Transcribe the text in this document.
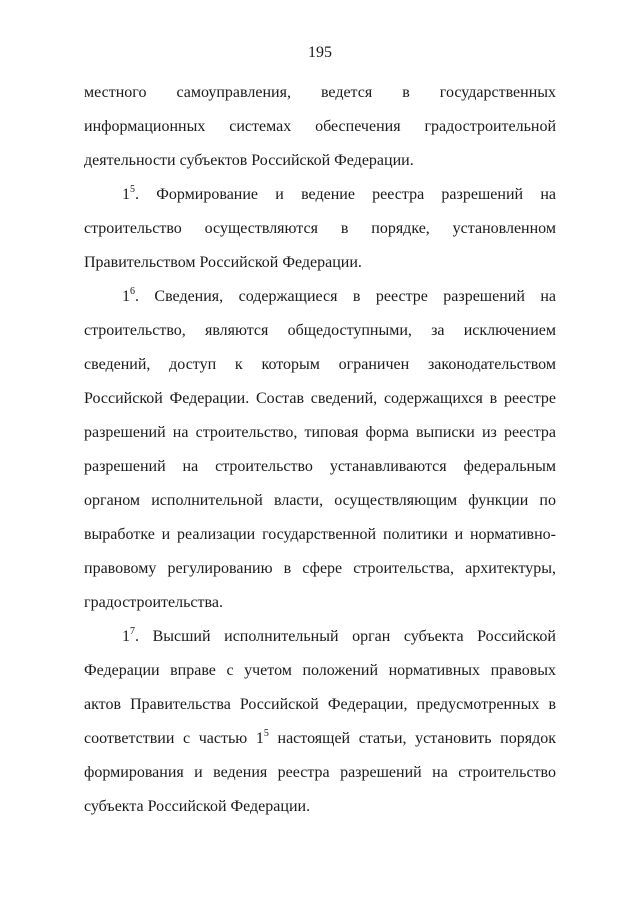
195

местного самоуправления, ведется в государственных информационных системах обеспечения градостроительной деятельности субъектов Российской Федерации.

$1^5$. Формирование и ведение реестра разрешений на строительство осуществляются в порядке, установленном Правительством Российской Федерации.

$1^6$. Сведения, содержащиеся в реестре разрешений на строительство, являются общедоступными, за исключением сведений, доступ к которым ограничен законодательством Российской Федерации. Состав сведений, содержащихся в реестре разрешений на строительство, типовая форма выписки из реестра разрешений на строительство устанавливаются федеральным органом исполнительной власти, осуществляющим функции по выработке и реализации государственной политики и нормативно-правовому регулированию в сфере строительства, архитектуры, градостроительства.

$1^7$. Высший исполнительный орган субъекта Российской Федерации вправе с учетом положений нормативных правовых актов Правительства Российской Федерации, предусмотренных в соответствии с частью $1^5$ настоящей статьи, установить порядок формирования и ведения реестра разрешений на строительство субъекта Российской Федерации.
